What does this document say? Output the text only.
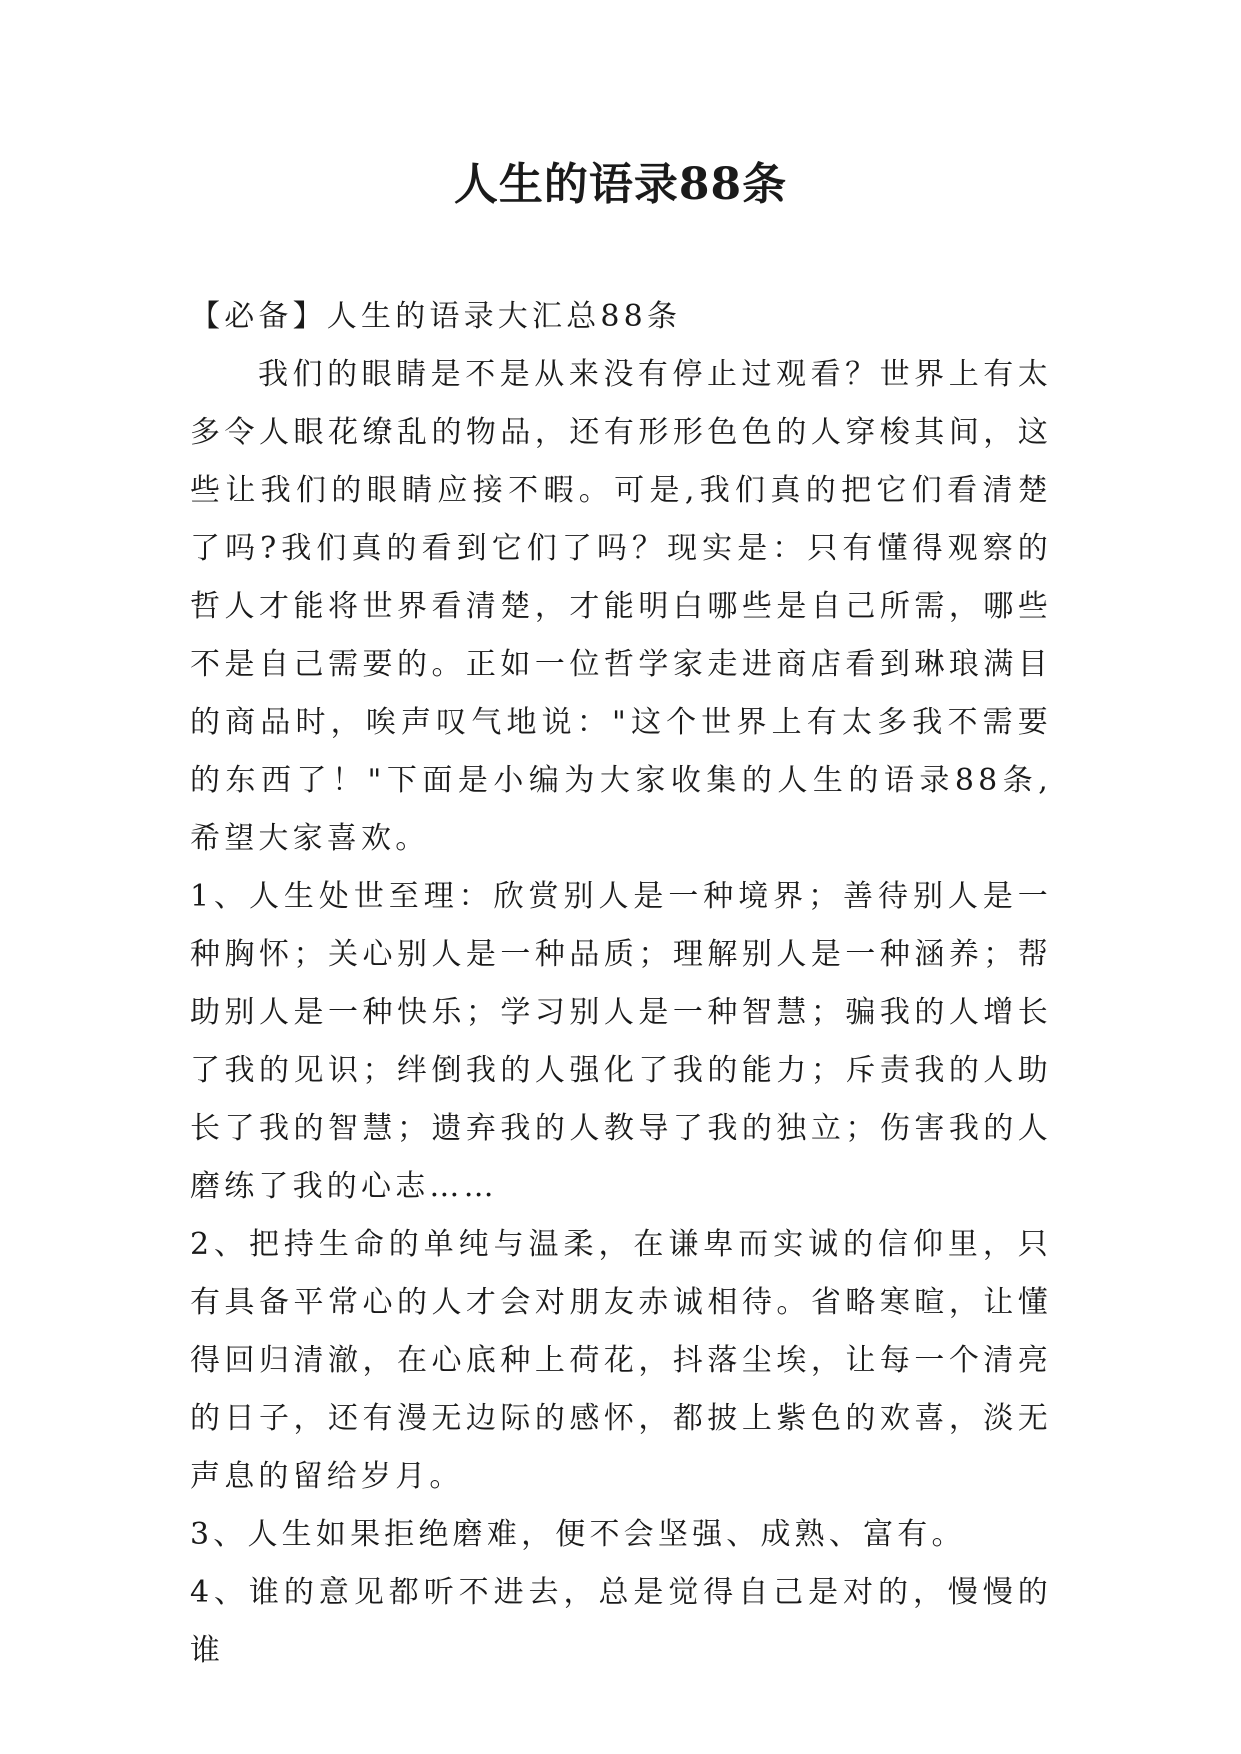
人生的语录88条

【必备】人生的语录大汇总88条

我们的眼睛是不是从来没有停止过观看？世界上有太多令人眼花缭乱的物品，还有形形色色的人穿梭其间，这些让我们的眼睛应接不暇。可是,我们真的把它们看清楚了吗?我们真的看到它们了吗？现实是：只有懂得观察的哲人才能将世界看清楚，才能明白哪些是自己所需，哪些不是自己需要的。正如一位哲学家走进商店看到琳琅满目的商品时，唉声叹气地说："这个世界上有太多我不需要的东西了！"下面是小编为大家收集的人生的语录88条,希望大家喜欢。

1、人生处世至理：欣赏别人是一种境界；善待别人是一种胸怀；关心别人是一种品质；理解别人是一种涵养；帮助别人是一种快乐；学习别人是一种智慧；骗我的人增长了我的见识；绊倒我的人强化了我的能力；斥责我的人助长了我的智慧；遗弃我的人教导了我的独立；伤害我的人磨练了我的心志……

2、把持生命的单纯与温柔，在谦卑而实诚的信仰里，只有具备平常心的人才会对朋友赤诚相待。省略寒暄，让懂得回归清澈，在心底种上荷花，抖落尘埃，让每一个清亮的日子，还有漫无边际的感怀，都披上紫色的欢喜，淡无声息的留给岁月。

3、人生如果拒绝磨难，便不会坚强、成熟、富有。

4、谁的意见都听不进去，总是觉得自己是对的，慢慢的谁
